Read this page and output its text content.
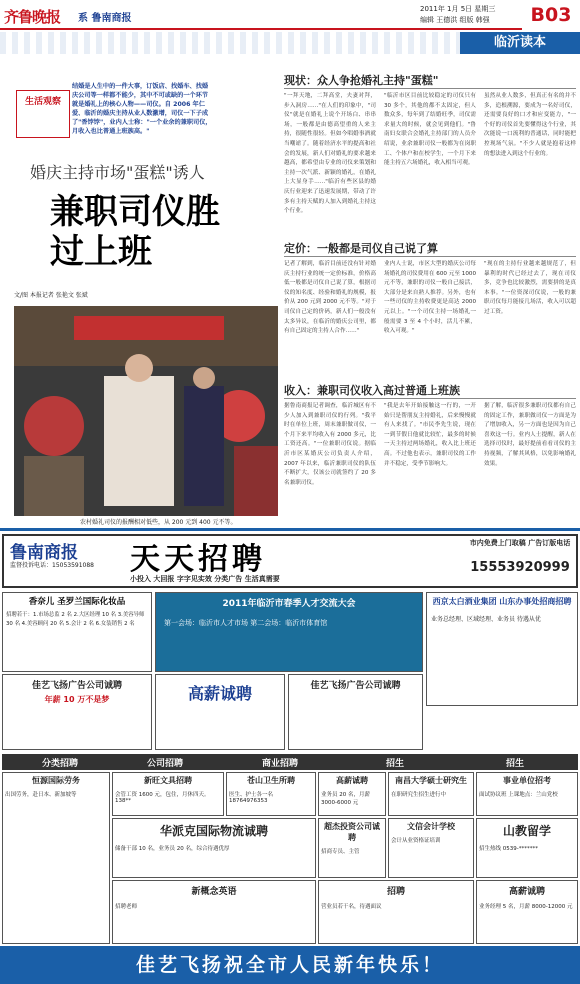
齐鲁晚报 系 鲁南商报
2011年 1月 5日 星期三
编辑 王德洪 组版 韩强	B03
临沂读本
生活观察
结婚是人生中的一件大事，订饭店、找婚车、找婚庆公司等一样都不能少，其中不可或缺的一个环节就是婚礼上的核心人物——司仪。自 2006 年仁爱、临沂的婚庆主持从业人数激增，司仪一下子成了"香饽饽"，业内人士称："一个业余的兼职司仪，月收入也比普通上班族高。"
婚庆主持市场"蛋糕"诱人
兼职司仪胜过上班
文/图 本报记者 张艳文 张斌
农村婚礼司仪的报酬相对低些，从 200 元到 400 元不等。
现状：众人争抢婚礼主持"蛋糕"
"一拜天地，二拜高堂，夫妻对拜，步入洞房……"在人们的印象中，"司仪"就是在婚礼上说个开场白、串串场，一般都是由德高望重的人来主持，很随性很轻。但如今唱婚事酒就当嘲谑了。随着经济水平的提高和社会的发展，新人们对婚礼的要求越来越高，都希望由专业的司仪来策划和主持一次气派、新颖的婚礼，在婚礼上大显身手……"临沂有些区县的婚庆行业迎来了迅速发展期，带动了许多有主持天赋的人加入到婚礼主持这个行业。
"临沂市区目前比较稳定的司仪只有 30 多个，其他的都不太固定，但人数众多，每年到了结婚旺季，司仪需求量大的时候，就会见到他们。"鲁南妇女联合会婚礼主持部门的人员介绍说，业余兼职司仪一般都为在岗职工、个体户和在校学生，一个月下来能主持五六场婚礼，收入相当可观。
虽然从业人数多，但真正有名的并不多，追根溯源，要成为一名好司仪，还需要良好的口才和应变能力，"一个好的司仪首先要懂得这个行业，其次能说一口流利的普通话，同时能把控现场气氛。"不少人就是抱着这样的想法进入到这个行业的。
定价：一般都是司仪自己说了算
记者了解到，临沂目前还没有针对婚庆主持行业的统一定价标准，价格高低一般都是司仪自己说了算，根据司仪的知名度、经验和婚礼的规模，报价从 200 元到 2000 元不等。"对于司仪自己定的价码，新人们一般没有太多异议，在临沂的婚庆公司里，都有自己固定的主持人合作……"
业内人士说，市区大型的婚庆公司每场婚礼的司仪费用在 600 元至 1000 元不等，兼职的司仪一般自己接活，大部分是来自熟人推荐。另外，也有一些司仪的主持收费更是高达 2000 元以上。"一个司仪主持一场婚礼一般需要 3 至 4 个小时，活儿不累，收入可观。"
"现在的主持行业越来越规范了，但暴利的时代已经过去了，现在司仪多，竞争也比较激烈，需要拼的是真本事。"一位资深司仪说，一般的兼职司仪每月能接几场活，收入可以超过工资。
收入：兼职司仪收入高过普通上班族
据鲁南商报记者调查，临沂城区有不少人加入到兼职司仪的行列。"我平时在单位上班，周末兼职做司仪，一个月下来平均收入有 2000 多元，比工资还高。"一位兼职司仪说。据临沂市区某婚庆公司负责人介绍，2007 年以来，临沂兼职司仪的队伍不断扩大，仅该公司就签约了 20 多名兼职司仪。
"我是去年开始接触这一行的，一开始只是帮朋友主持婚礼，后来慢慢就有人来找了。"市民李先生说，现在一到节假日他就比较忙，最多的时候一天主持过两场婚礼，收入比上班还高。不过他也表示，兼职司仪的工作并不稳定，受季节影响大。
据了解，临沂很多兼职司仪都有自己的固定工作，兼职做司仪一方面是为了增加收入，另一方面也是因为自己喜欢这一行。业内人士提醒，新人在选择司仪时，最好提前看看司仪的主持视频，了解其风格，以免影响婚礼效果。
鲁南商报
监督投诉电话：15053591088 天天招聘
小投入 大回报 字字见实效 分类广告 生活真需要
市内免费上门取稿 广告订版电话
15553920999
香奈儿 圣罗兰国际化妆品
招聘若干：1.市场总监 2 名 2.大区经理 10 名 3.美容导师 30 名 4.美容顾问 20 名 5.会计 2 名 6.女装销售 2 名
2011年临沂市春季人才交流大会
第一会场：临沂市人才市场 第二会场：临沂市体育馆
西京太白酒业集团 山东办事处招商招聘
业务总经理、区域经理、业务员 待遇从优
佳艺飞扬广告公司诚聘
年薪 10 万不是梦	高薪诚聘	佳艺飞扬广告公司诚聘
分类招聘	公司招聘	商业招聘	招生	招生
恒源国际劳务
出国劳务，赴日本、新加坡等
新旺文具招聘
会管工资 1600 元，包住，月休四天。138**
苍山卫生所聘
医生、护士各一名 18764976353
高薪诚聘
业务员 20 名，月薪 3000-6000 元
南昌大学硕士研究生
在职研究生招生进行中
事业单位招考
面试协议班 上课地点：兰山党校
华派克国际物流诚聘
储备干部 10 名，业务员 20 名，综合待遇优厚
超杰投资公司诚聘
招商专员、主管
文信会计学校
会计从业资格证培训
山教留学
招生热线 0539-*******
新概念英语
招聘老师
招聘
营业员若干名，待遇面议
高薪诚聘
业务经理 5 名，月薪 8000-12000 元
佳艺飞扬祝全市人民新年快乐！
